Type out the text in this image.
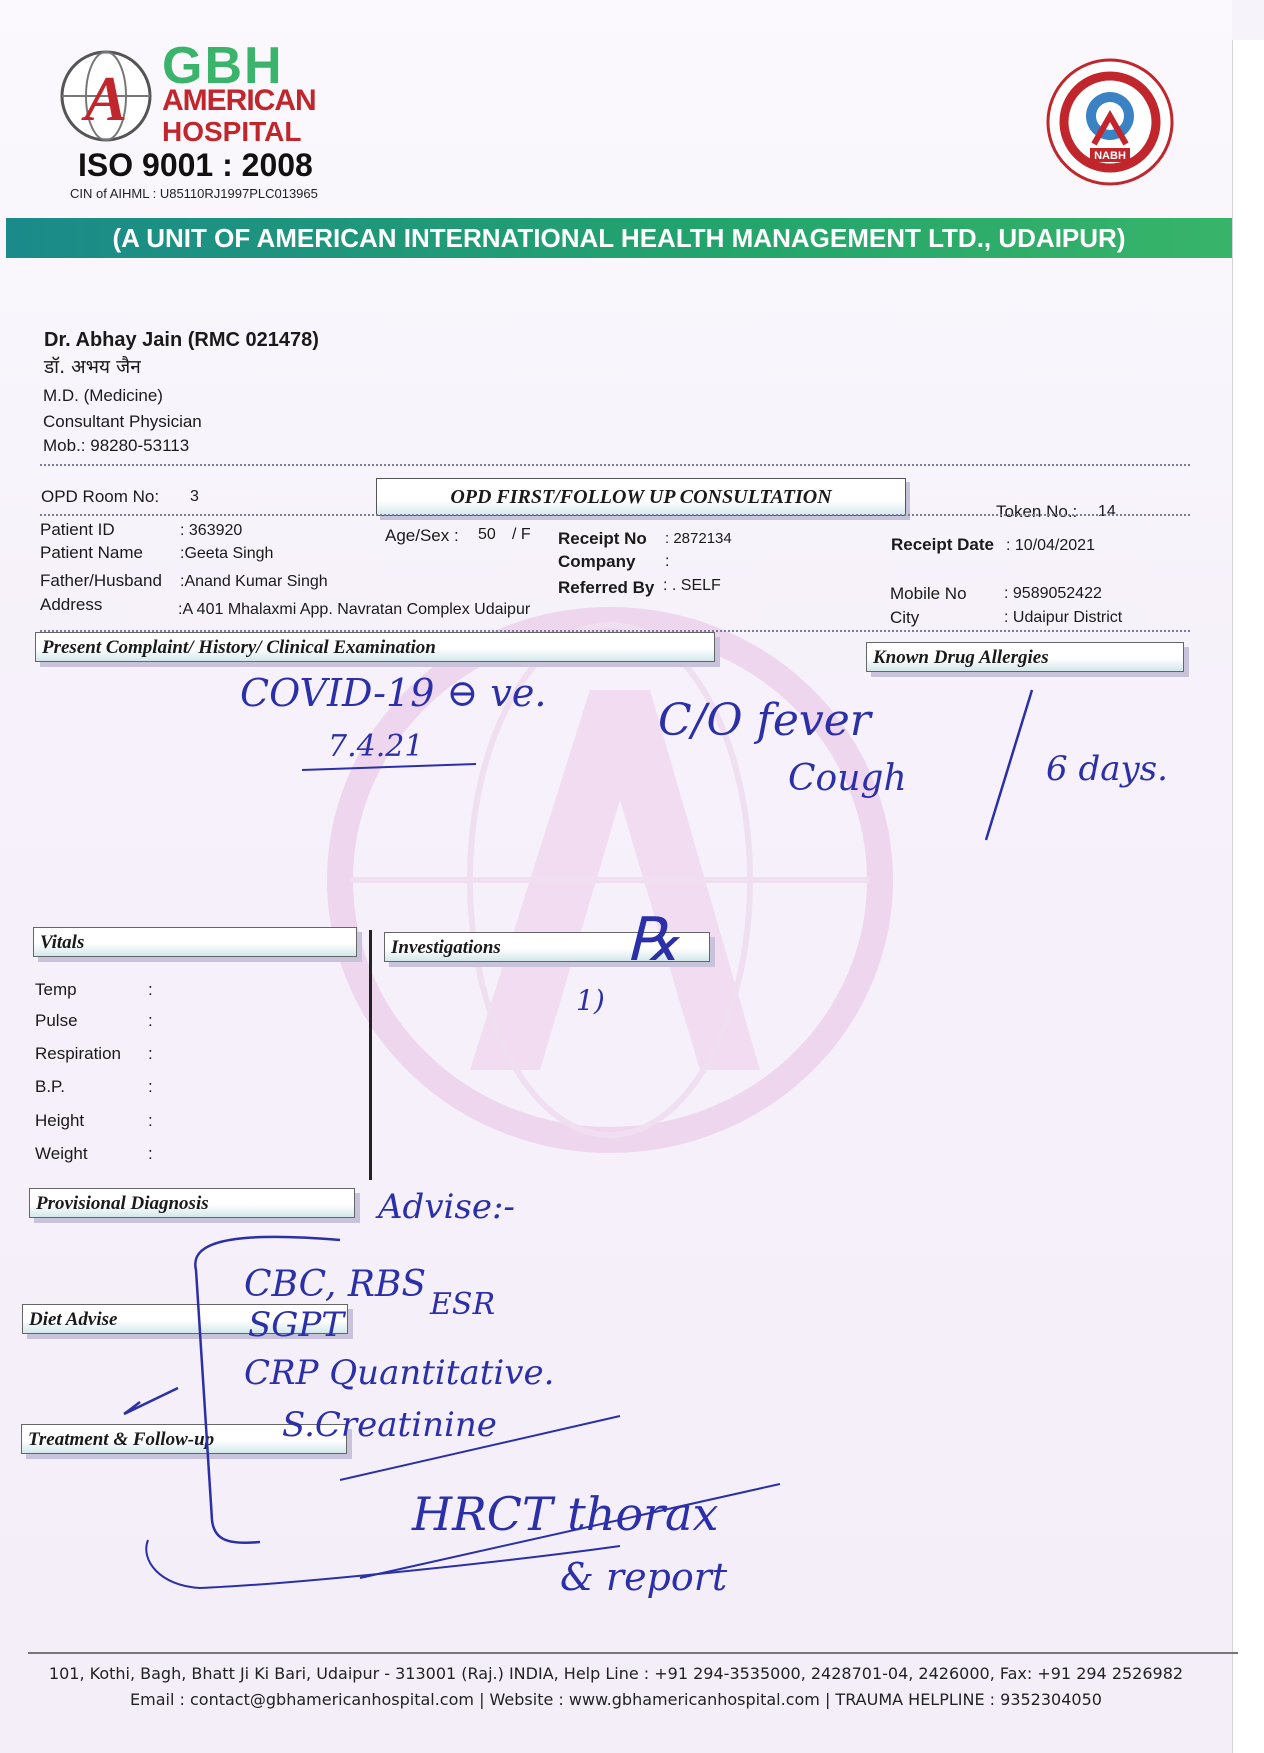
A GBH
AMERICAN
HOSPITAL
ISO 9001 : 2008
CIN of AIHML : U85110RJ1997PLC013965
NABH
(A UNIT OF AMERICAN INTERNATIONAL HEALTH MANAGEMENT LTD., UDAIPUR)
Dr. Abhay Jain (RMC 021478)
डॉ. अभय जैन
M.D. (Medicine)
Consultant Physician
Mob.: 98280-53113
OPD Room No: 3	OPD FIRST/FOLLOW UP CONSULTATION
Token No.: 14
Patient ID	: 363920
Patient Name :Geeta Singh
Father/Husband :Anand Kumar Singh
Address	:A 401 Mhalaxmi App. Navratan Complex Udaipur
Age/Sex : 50 / F Receipt No : 2872134
Company :
Referred By : . SELF
Receipt Date : 10/04/2021
Mobile No : 9589052422
City	: Udaipur District
Present Complaint/ History/ Clinical Examination	Known Drug Allergies
Vitals	Investigations
Provisional Diagnosis
Diet Advise
Treatment & Follow-up
Temp	:
Pulse	:
Respiration :
B.P.	:
Height	:
Weight	:
COVID-19 ⊖ ve.
7.4.21
C/O fever
Cough	6 days.
℞
1)
Advise:-
CBC, RBS ESR
SGPT
CRP Quantitative.
S.Creatinine
HRCT thorax
& report
101, Kothi, Bagh, Bhatt Ji Ki Bari, Udaipur - 313001 (Raj.) INDIA, Help Line : +91 294-3535000, 2428701-04, 2426000, Fax: +91 294 2526982
Email : contact@gbhamericanhospital.com | Website : www.gbhamericanhospital.com | TRAUMA HELPLINE : 9352304050
